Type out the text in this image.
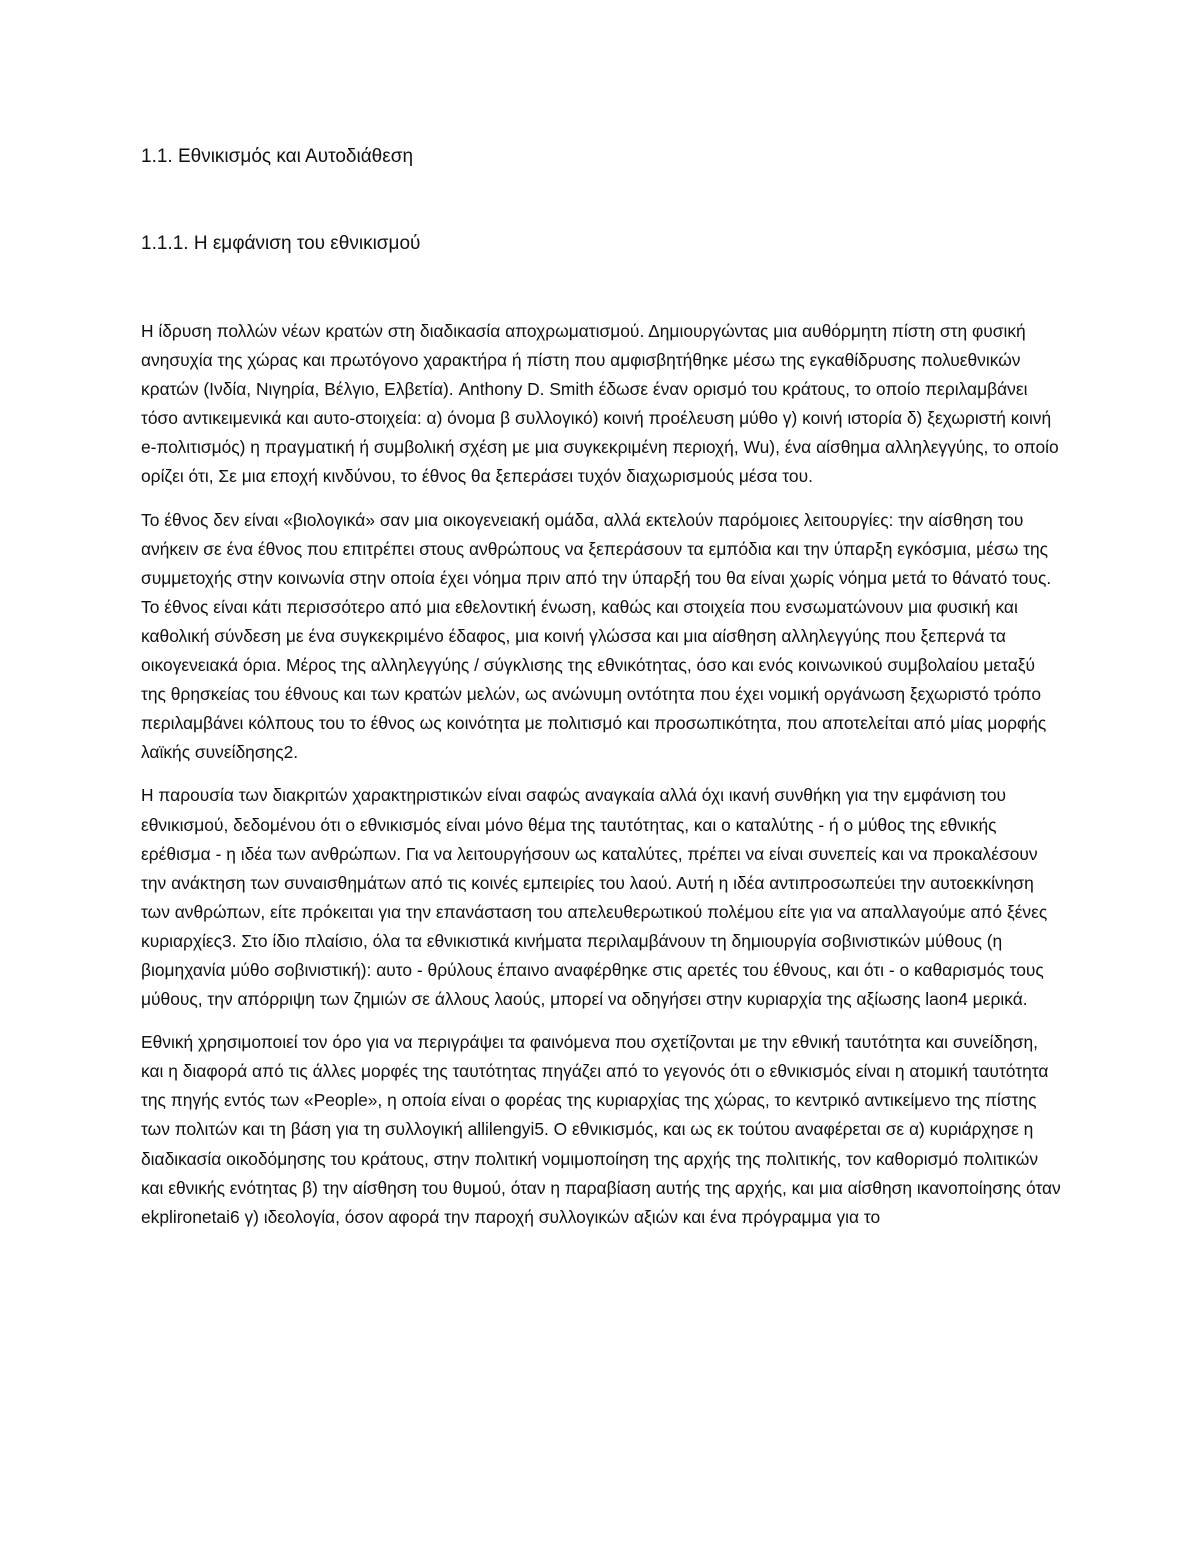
1.1. Εθνικισμός και Αυτοδιάθεση
1.1.1. Η εμφάνιση του εθνικισμού

Η ίδρυση πολλών νέων κρατών στη διαδικασία αποχρωματισμού. Δημιουργώντας μια αυθόρμητη πίστη στη φυσική ανησυχία της χώρας και πρωτόγονο χαρακτήρα ή πίστη που αμφισβητήθηκε μέσω της εγκαθίδρυσης πολυεθνικών κρατών (Ινδία, Νιγηρία, Βέλγιο, Ελβετία). Anthony D. Smith έδωσε έναν ορισμό του κράτους, το οποίο περιλαμβάνει τόσο αντικειμενικά και αυτο-στοιχεία: α) όνομα β συλλογικό) κοινή προέλευση μύθο γ) κοινή ιστορία δ) ξεχωριστή κοινή e-πολιτισμός) η πραγματική ή συμβολική σχέση με μια συγκεκριμένη περιοχή, Wu), ένα αίσθημα αλληλεγγύης, το οποίο ορίζει ότι, Σε μια εποχή κινδύνου, το έθνος θα ξεπεράσει τυχόν διαχωρισμούς μέσα του.

Το έθνος δεν είναι «βιολογικά» σαν μια οικογενειακή ομάδα, αλλά εκτελούν παρόμοιες λειτουργίες: την αίσθηση του ανήκειν σε ένα έθνος που επιτρέπει στους ανθρώπους να ξεπεράσουν τα εμπόδια και την ύπαρξη εγκόσμια, μέσω της συμμετοχής στην κοινωνία στην οποία έχει νόημα πριν από την ύπαρξή του θα είναι χωρίς νόημα μετά το θάνατό τους. Το έθνος είναι κάτι περισσότερο από μια εθελοντική ένωση, καθώς και στοιχεία που ενσωματώνουν μια φυσική και καθολική σύνδεση με ένα συγκεκριμένο έδαφος, μια κοινή γλώσσα και μια αίσθηση αλληλεγγύης που ξεπερνά τα οικογενειακά όρια. Μέρος της αλληλεγγύης / σύγκλισης της εθνικότητας, όσο και ενός κοινωνικού συμβολαίου μεταξύ της θρησκείας του έθνους και των κρατών μελών, ως ανώνυμη οντότητα που έχει νομική οργάνωση ξεχωριστό τρόπο περιλαμβάνει κόλπους του το έθνος ως κοινότητα με πολιτισμό και προσωπικότητα, που αποτελείται από μίας μορφής λαϊκής συνείδησης2.

Η παρουσία των διακριτών χαρακτηριστικών είναι σαφώς αναγκαία αλλά όχι ικανή συνθήκη για την εμφάνιση του εθνικισμού, δεδομένου ότι ο εθνικισμός είναι μόνο θέμα της ταυτότητας, και ο καταλύτης - ή ο μύθος της εθνικής ερέθισμα - η ιδέα των ανθρώπων. Για να λειτουργήσουν ως καταλύτες, πρέπει να είναι συνεπείς και να προκαλέσουν την ανάκτηση των συναισθημάτων από τις κοινές εμπειρίες του λαού. Αυτή η ιδέα αντιπροσωπεύει την αυτοεκκίνηση των ανθρώπων, είτε πρόκειται για την επανάσταση του απελευθερωτικού πολέμου είτε για να απαλλαγούμε από ξένες κυριαρχίες3. Στο ίδιο πλαίσιο, όλα τα εθνικιστικά κινήματα περιλαμβάνουν τη δημιουργία σοβινιστικών μύθους (η βιομηχανία μύθο σοβινιστική): αυτο - θρύλους έπαινο αναφέρθηκε στις αρετές του έθνους, και ότι - ο καθαρισμός τους μύθους, την απόρριψη των ζημιών σε άλλους λαούς, μπορεί να οδηγήσει στην κυριαρχία της αξίωσης laon4 μερικά.

Εθνική χρησιμοποιεί τον όρο για να περιγράψει τα φαινόμενα που σχετίζονται με την εθνική ταυτότητα και συνείδηση, και η διαφορά από τις άλλες μορφές της ταυτότητας πηγάζει από το γεγονός ότι ο εθνικισμός είναι η ατομική ταυτότητα της πηγής εντός των «People», η οποία είναι ο φορέας της κυριαρχίας της χώρας, το κεντρικό αντικείμενο της πίστης των πολιτών και τη βάση για τη συλλογική allilengyi5. Ο εθνικισμός, και ως εκ τούτου αναφέρεται σε α) κυριάρχησε η διαδικασία οικοδόμησης του κράτους, στην πολιτική νομιμοποίηση της αρχής της πολιτικής, τον καθορισμό πολιτικών και εθνικής ενότητας β) την αίσθηση του θυμού, όταν η παραβίαση αυτής της αρχής, και μια αίσθηση ικανοποίησης όταν ekplironetai6 γ) ιδεολογία, όσον αφορά την παροχή συλλογικών αξιών και ένα πρόγραμμα για το
